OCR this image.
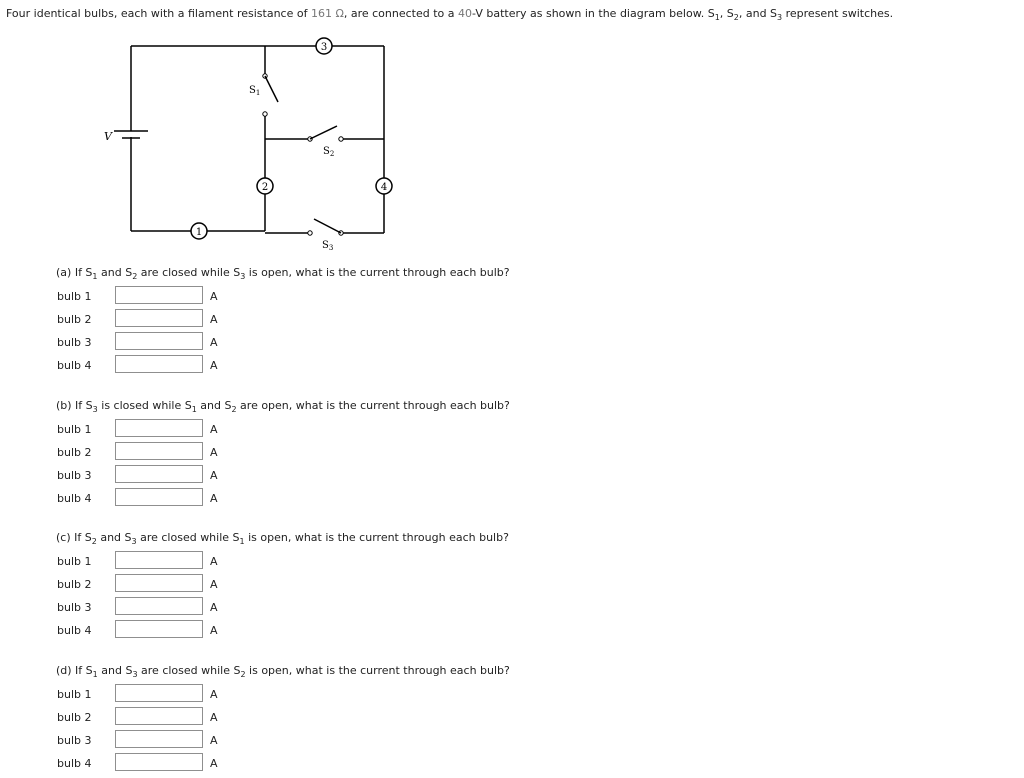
Four identical bulbs, each with a filament resistance of 161 Ω, are connected to a 40-V battery as shown in the diagram below. $S_1$, $S_2$, and $S_3$ represent switches.
V
3
2
$S_1$
$S_2$
4
1
$S_3$
(a) If $S_1$ and $S_2$ are closed while $S_3$ is open, what is the current through each bulb?
bulb 1	A
bulb 2	A
bulb 3	A
bulb 4	A
(b) If $S_3$ is closed while $S_1$ and $S_2$ are open, what is the current through each bulb?
bulb 1	A
bulb 2	A
bulb 3	A
bulb 4	A
(c) If $S_2$ and $S_3$ are closed while $S_1$ is open, what is the current through each bulb?
bulb 1	A
bulb 2	A
bulb 3	A
bulb 4	A
(d) If $S_1$ and $S_3$ are closed while $S_2$ is open, what is the current through each bulb?
bulb 1	A
bulb 2	A
bulb 3	A
bulb 4	A
